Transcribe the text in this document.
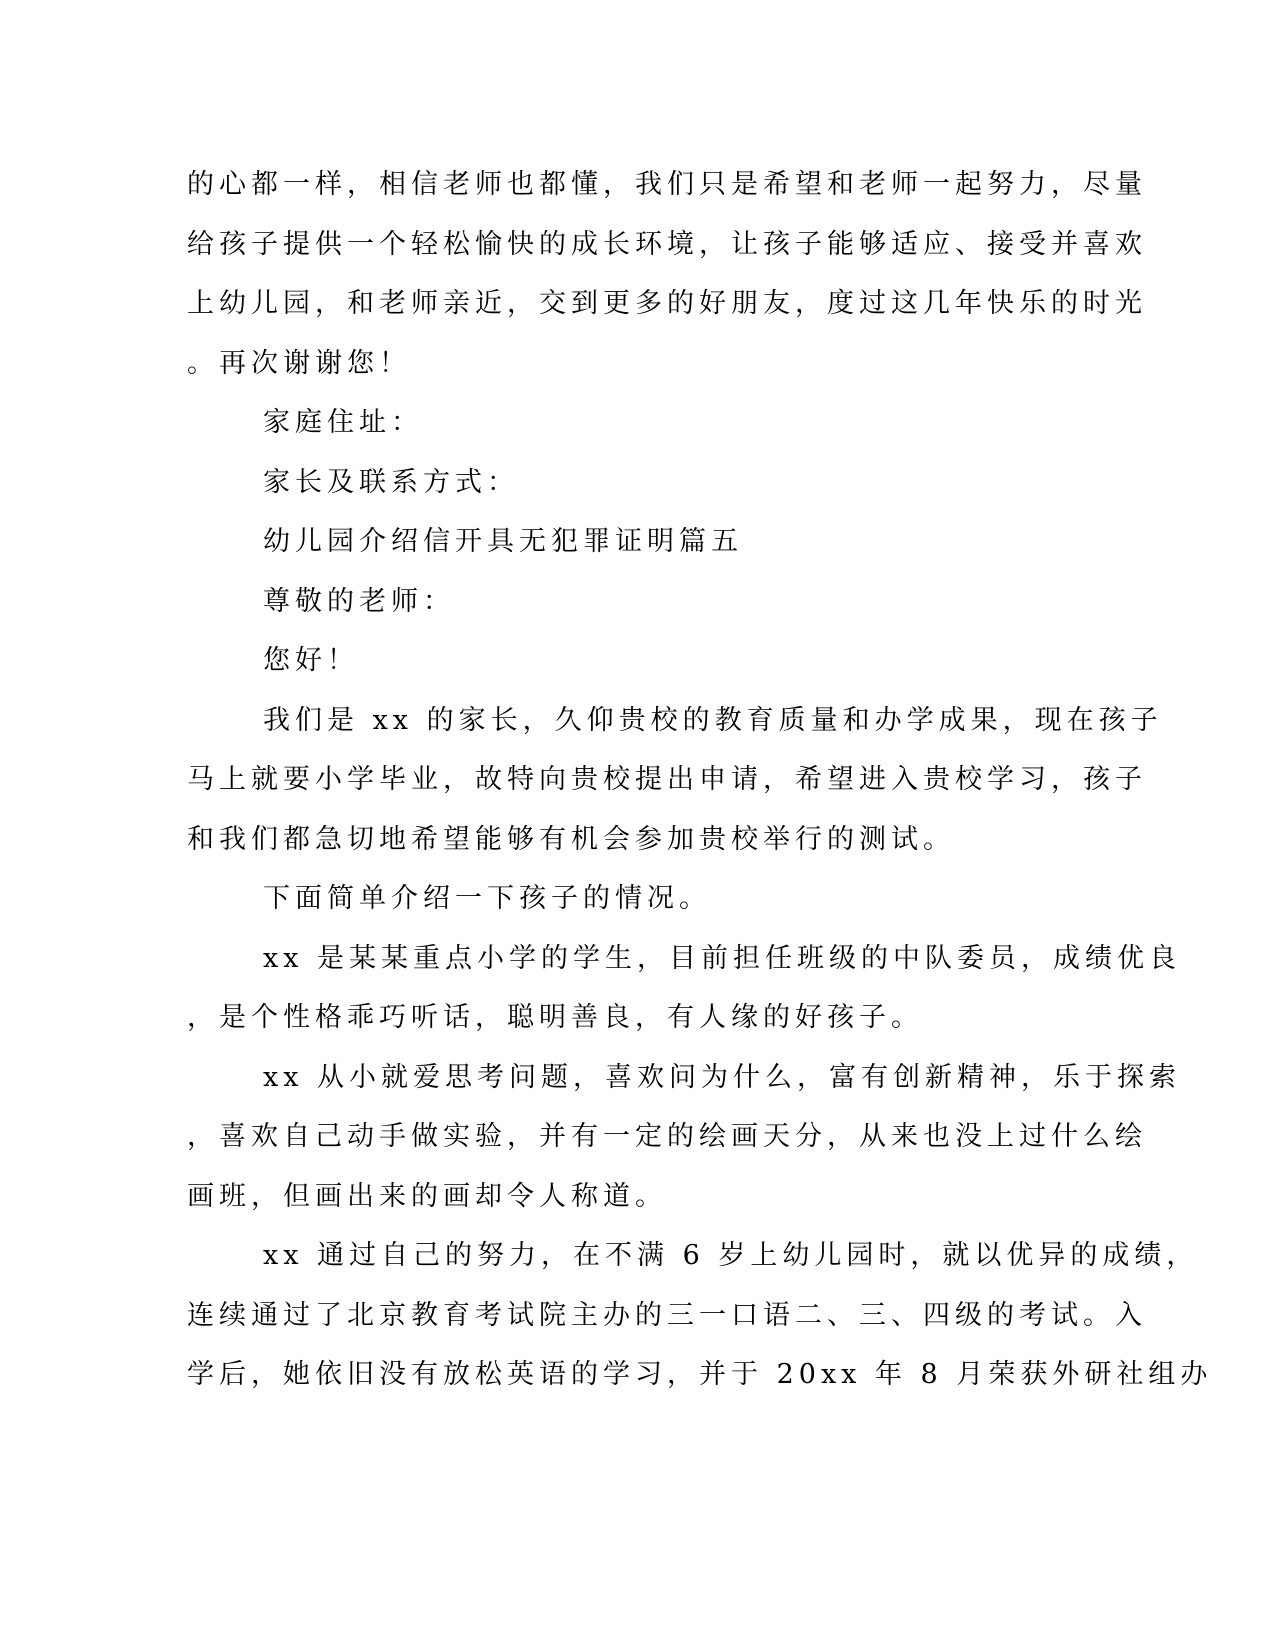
的心都一样，相信老师也都懂，我们只是希望和老师一起努力，尽量
给孩子提供一个轻松愉快的成长环境，让孩子能够适应、接受并喜欢
上幼儿园，和老师亲近，交到更多的好朋友，度过这几年快乐的时光
。再次谢谢您！
家庭住址：
家长及联系方式：
幼儿园介绍信开具无犯罪证明篇五
尊敬的老师：
您好！
我们是 xx 的家长，久仰贵校的教育质量和办学成果，现在孩子
马上就要小学毕业，故特向贵校提出申请，希望进入贵校学习，孩子
和我们都急切地希望能够有机会参加贵校举行的测试。
下面简单介绍一下孩子的情况。
xx 是某某重点小学的学生，目前担任班级的中队委员，成绩优良
，是个性格乖巧听话，聪明善良，有人缘的好孩子。
xx 从小就爱思考问题，喜欢问为什么，富有创新精神，乐于探索
，喜欢自己动手做实验，并有一定的绘画天分，从来也没上过什么绘
画班，但画出来的画却令人称道。
xx 通过自己的努力，在不满 6 岁上幼儿园时，就以优异的成绩，
连续通过了北京教育考试院主办的三一口语二、三、四级的考试。入
学后，她依旧没有放松英语的学习，并于 20xx 年 8 月荣获外研社组办
